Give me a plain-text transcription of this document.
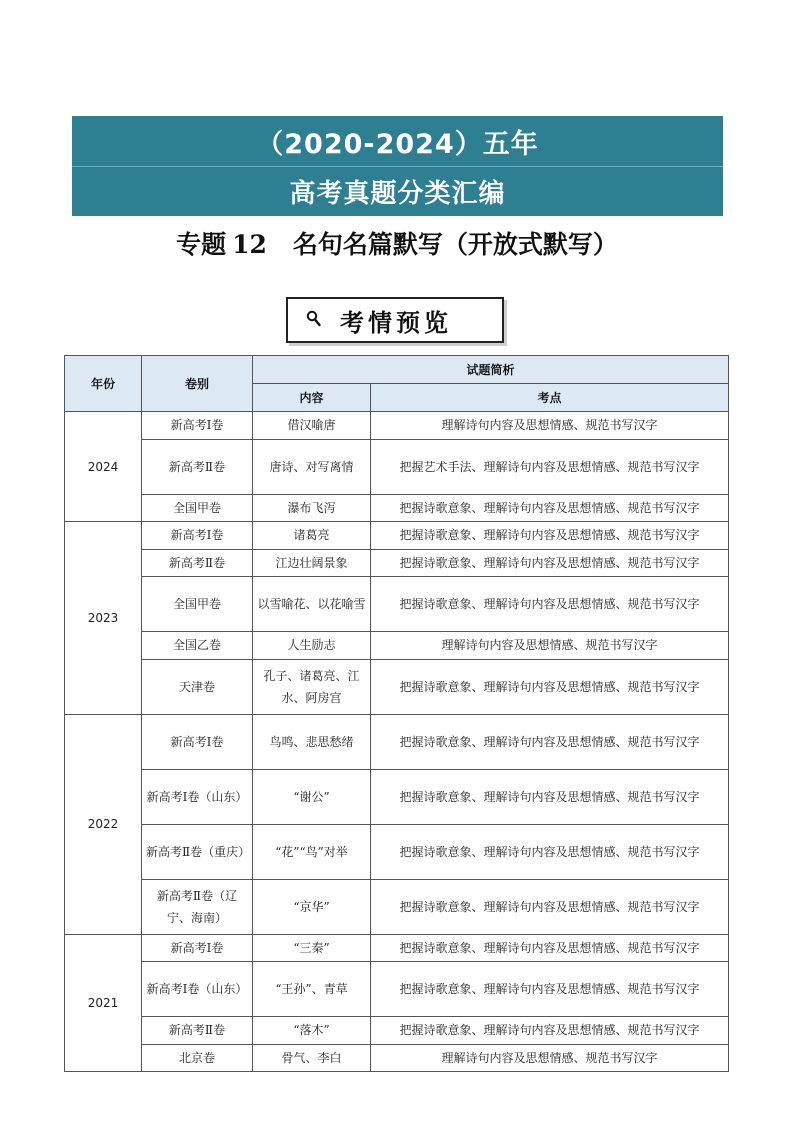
（2020-2024）五年
高考真题分类汇编
专题 12 名句名篇默写（开放式默写）
考情预览
年份	卷别	试题简析	
		内容	考点
2024	新高考Ⅰ卷	借汉喻唐	理解诗句内容及思想情感、规范书写汉字
	新高考Ⅱ卷	唐诗、对写离情	把握艺术手法、理解诗句内容及思想情感、规范书写汉字
	全国甲卷	瀑布飞泻	把握诗歌意象、理解诗句内容及思想情感、规范书写汉字
2023	新高考Ⅰ卷	诸葛亮	把握诗歌意象、理解诗句内容及思想情感、规范书写汉字
	新高考Ⅱ卷	江边壮阔景象	把握诗歌意象、理解诗句内容及思想情感、规范书写汉字
	全国甲卷	以雪喻花、以花喻雪	把握诗歌意象、理解诗句内容及思想情感、规范书写汉字
	全国乙卷	人生励志	理解诗句内容及思想情感、规范书写汉字
	天津卷	孔子、诸葛亮、江水、阿房宫	把握诗歌意象、理解诗句内容及思想情感、规范书写汉字
2022	新高考Ⅰ卷	鸟鸣、悲思愁绪	把握诗歌意象、理解诗句内容及思想情感、规范书写汉字
	新高考Ⅰ卷（山东）	“谢公”	把握诗歌意象、理解诗句内容及思想情感、规范书写汉字
	新高考Ⅱ卷（重庆）	“花”“鸟”对举	把握诗歌意象、理解诗句内容及思想情感、规范书写汉字
	新高考Ⅱ卷（辽宁、海南）	“京华”	把握诗歌意象、理解诗句内容及思想情感、规范书写汉字
2021	新高考Ⅰ卷	“三秦”	把握诗歌意象、理解诗句内容及思想情感、规范书写汉字
	新高考Ⅰ卷（山东）	“王孙”、青草	把握诗歌意象、理解诗句内容及思想情感、规范书写汉字
	新高考Ⅱ卷	“落木”	把握诗歌意象、理解诗句内容及思想情感、规范书写汉字
	北京卷	骨气、李白	理解诗句内容及思想情感、规范书写汉字
